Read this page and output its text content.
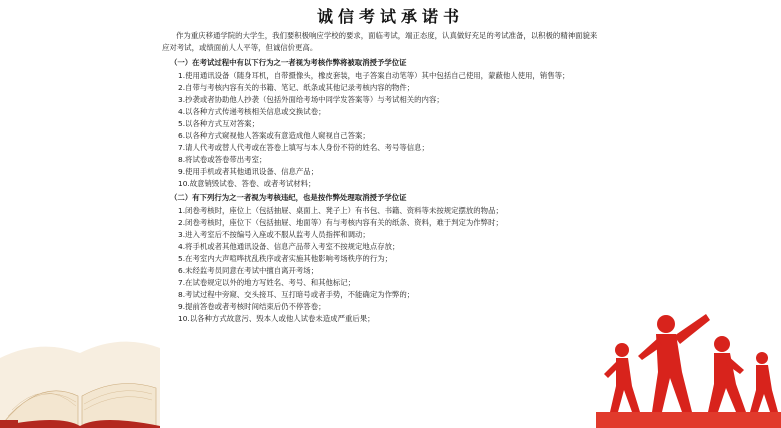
诚信考试承诺书

作为重庆移通学院的大学生，我们要积极响应学校的要求，面临考试，端正态度，认真做好充足的考试准备，以积极的精神面貌来应对考试，或绩面前人人平等，但诚信价更高。

（一）在考试过程中有以下行为之一者视为考核作弊将被取消授予学位证
1.使用通讯设备（随身耳机，自带摄像头，橡皮套装，电子答案自动笔等）其中包括自己使用，蒙蔽他人使用，销售等；
2.自带与考核内容有关的书籍、笔记、纸条或其他记录考核内容的物件；
3.抄袭或者协助他人抄袭（包括外面给考场中同学发答案等）与考试相关的内容；
4.以各种方式传递考核相关信息或交换试卷；
5.以各种方式互对答案；
6.以各种方式窥视他人答案或有意造成他人窥视自己答案；
7.请人代考或替人代考或在答卷上填写与本人身份不符的姓名、考号等信息；
8.将试卷或答卷带出考室；
9.使用手机或者其他通讯设备、信息产品；
10.故意销毁试卷、答卷、或者考试材料；
（二）有下列行为之一者视为考核违纪，也是按作弊处理取消授予学位证
1.闭卷考核时，座位上（包括抽屉、桌面上、凳子上）有书包、书籍、资料等未按规定摆放的物品；
2.闭卷考核时，座位下（包括抽屉、地面等）有与考核内容有关的纸条、资料，难于判定为作弊时；
3.进入考室后不按编号入座或不服从监考人员指挥和调动；
4.将手机或者其他通讯设备、信息产品带入考室不按规定地点存放；
5.在考室内大声喧哗扰乱秩序或者实施其他影响考场秩序的行为；
6.未经监考员同意在考试中擅自离开考场；
7.在试卷规定以外的地方写姓名、考号、和其他标记；
8.考试过程中旁窥、交头接耳、互打暗号或者手势，不能确定为作弊的；
9.提前答卷或者考核时间结束后仍不停答卷；
10.以各种方式故意污、毁本人或他人试卷未造成严重后果；
